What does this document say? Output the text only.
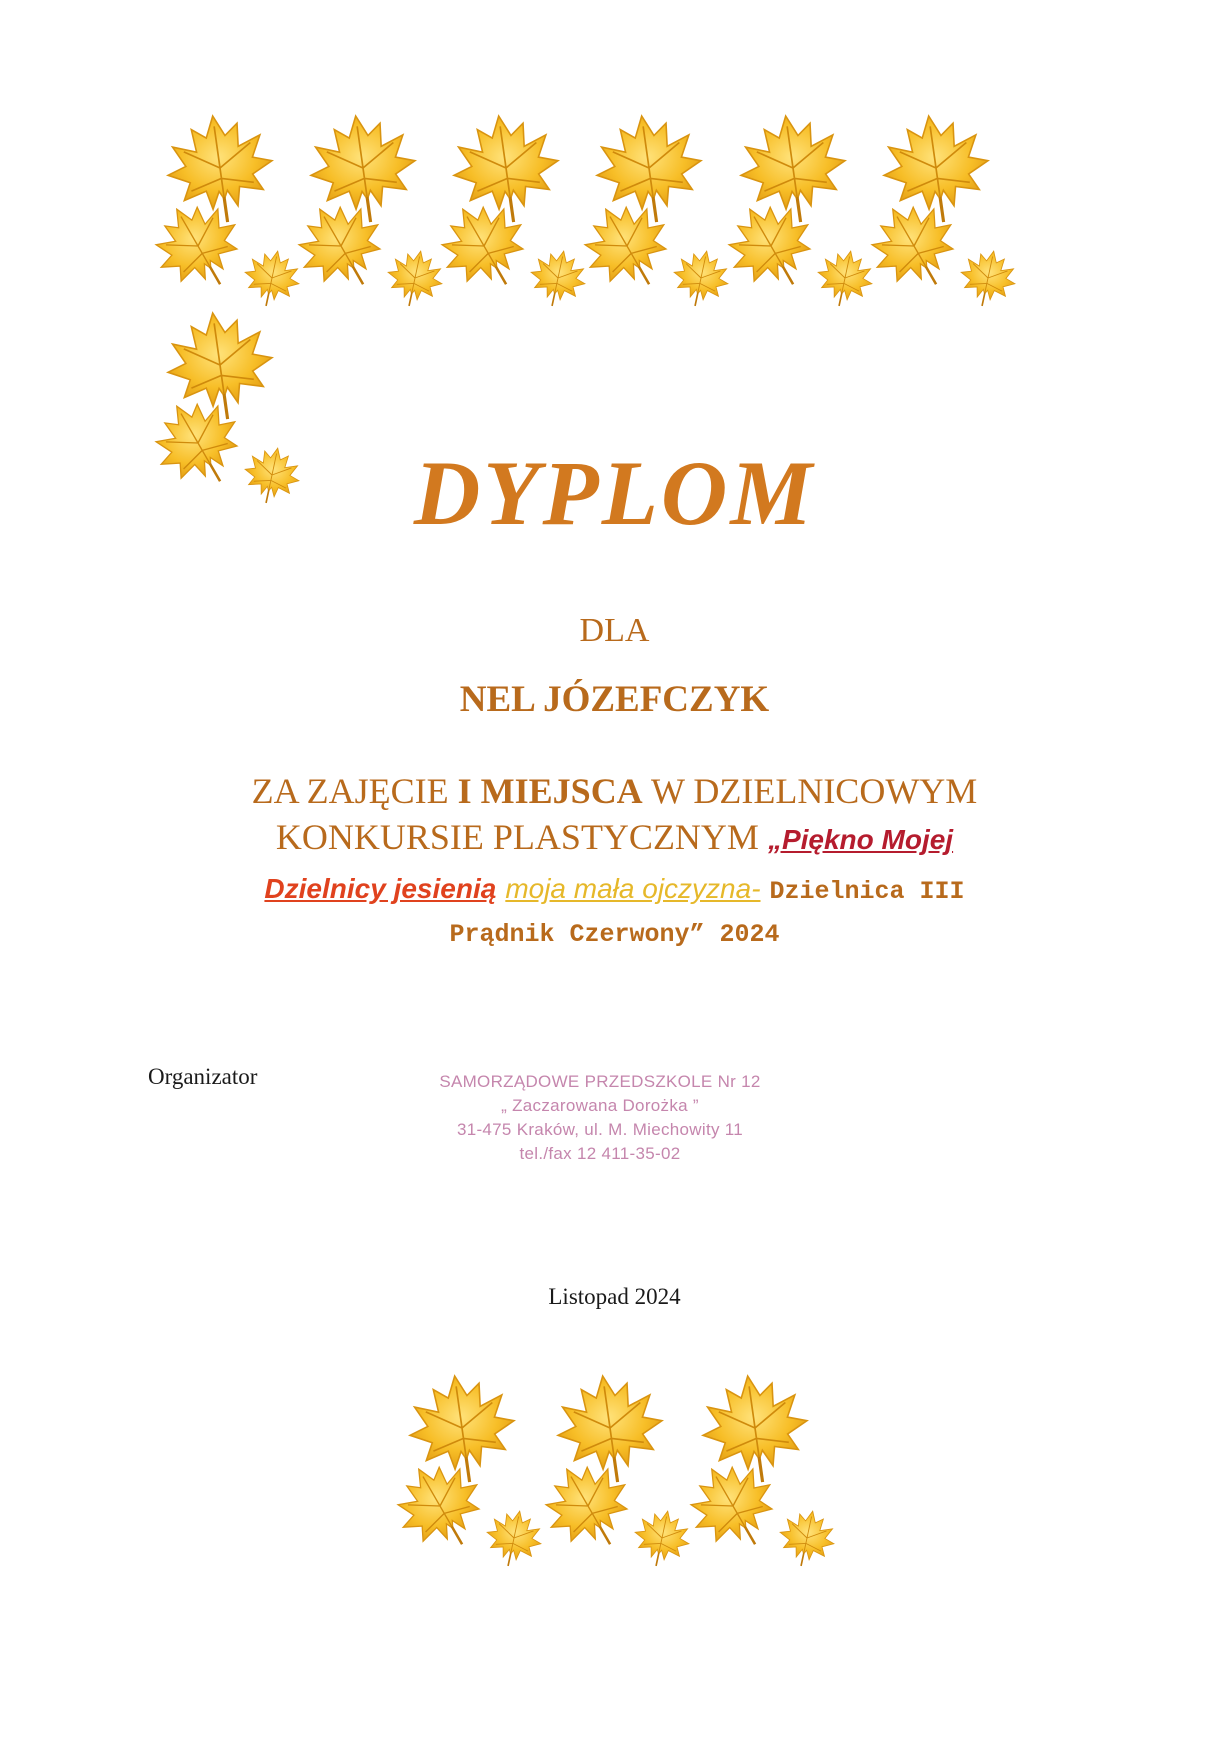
DYPLOM
DLA
NEL JÓZEFCZYK
ZA ZAJĘCIE I MIEJSCA W DZIELNICOWYM KONKURSIE PLASTYCZNYM „Piękno Mojej
Dzielnicy jesienią moja mała ojczyzna- Dzielnica III
Prądnik Czerwony” 2024
Organizator	SAMORZĄDOWE PRZEDSZKOLE Nr 12
„ Zaczarowana Dorożka ”
31-475 Kraków, ul. M. Miechowity 11
tel./fax 12 411-35-02
Listopad 2024
